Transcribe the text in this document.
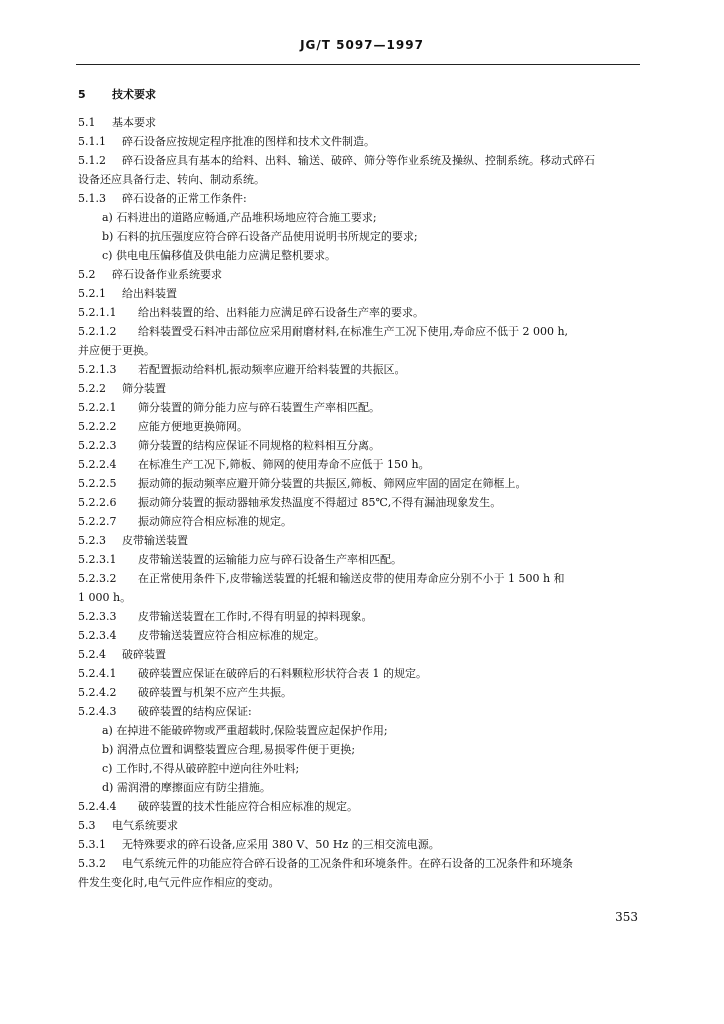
JG/T 5097—1997
5 技术要求
5.1 基本要求
5.1.1 碎石设备应按规定程序批准的图样和技术文件制造。
5.1.2 碎石设备应具有基本的给料、出料、输送、破碎、筛分等作业系统及操纵、控制系统。移动式碎石
设备还应具备行走、转向、制动系统。
5.1.3 碎石设备的正常工作条件:
a) 石料进出的道路应畅通,产品堆积场地应符合施工要求;
b) 石料的抗压强度应符合碎石设备产品使用说明书所规定的要求;
c) 供电电压偏移值及供电能力应满足整机要求。
5.2 碎石设备作业系统要求
5.2.1 给出料装置
5.2.1.1 给出料装置的给、出料能力应满足碎石设备生产率的要求。
5.2.1.2 给料装置受石料冲击部位应采用耐磨材料,在标准生产工况下使用,寿命应不低于 2 000 h,
并应便于更换。
5.2.1.3 若配置振动给料机,振动频率应避开给料装置的共振区。
5.2.2 筛分装置
5.2.2.1 筛分装置的筛分能力应与碎石装置生产率相匹配。
5.2.2.2 应能方便地更换筛网。
5.2.2.3 筛分装置的结构应保证不同规格的粒料相互分离。
5.2.2.4 在标准生产工况下,筛板、筛网的使用寿命不应低于 150 h。
5.2.2.5 振动筛的振动频率应避开筛分装置的共振区,筛板、筛网应牢固的固定在筛框上。
5.2.2.6 振动筛分装置的振动器轴承发热温度不得超过 85℃,不得有漏油现象发生。
5.2.2.7 振动筛应符合相应标准的规定。
5.2.3 皮带输送装置
5.2.3.1 皮带输送装置的运输能力应与碎石设备生产率相匹配。
5.2.3.2 在正常使用条件下,皮带输送装置的托辊和输送皮带的使用寿命应分别不小于 1 500 h 和
1 000 h。
5.2.3.3 皮带输送装置在工作时,不得有明显的掉料现象。
5.2.3.4 皮带输送装置应符合相应标准的规定。
5.2.4 破碎装置
5.2.4.1 破碎装置应保证在破碎后的石料颗粒形状符合表 1 的规定。
5.2.4.2 破碎装置与机架不应产生共振。
5.2.4.3 破碎装置的结构应保证:
a) 在掉进不能破碎物或严重超载时,保险装置应起保护作用;
b) 润滑点位置和调整装置应合理,易损零件便于更换;
c) 工作时,不得从破碎腔中逆向往外吐料;
d) 需润滑的摩擦面应有防尘措施。
5.2.4.4 破碎装置的技术性能应符合相应标准的规定。
5.3 电气系统要求
5.3.1 无特殊要求的碎石设备,应采用 380 V、50 Hz 的三相交流电源。
5.3.2 电气系统元件的功能应符合碎石设备的工况条件和环境条件。在碎石设备的工况条件和环境条
件发生变化时,电气元件应作相应的变动。
353
